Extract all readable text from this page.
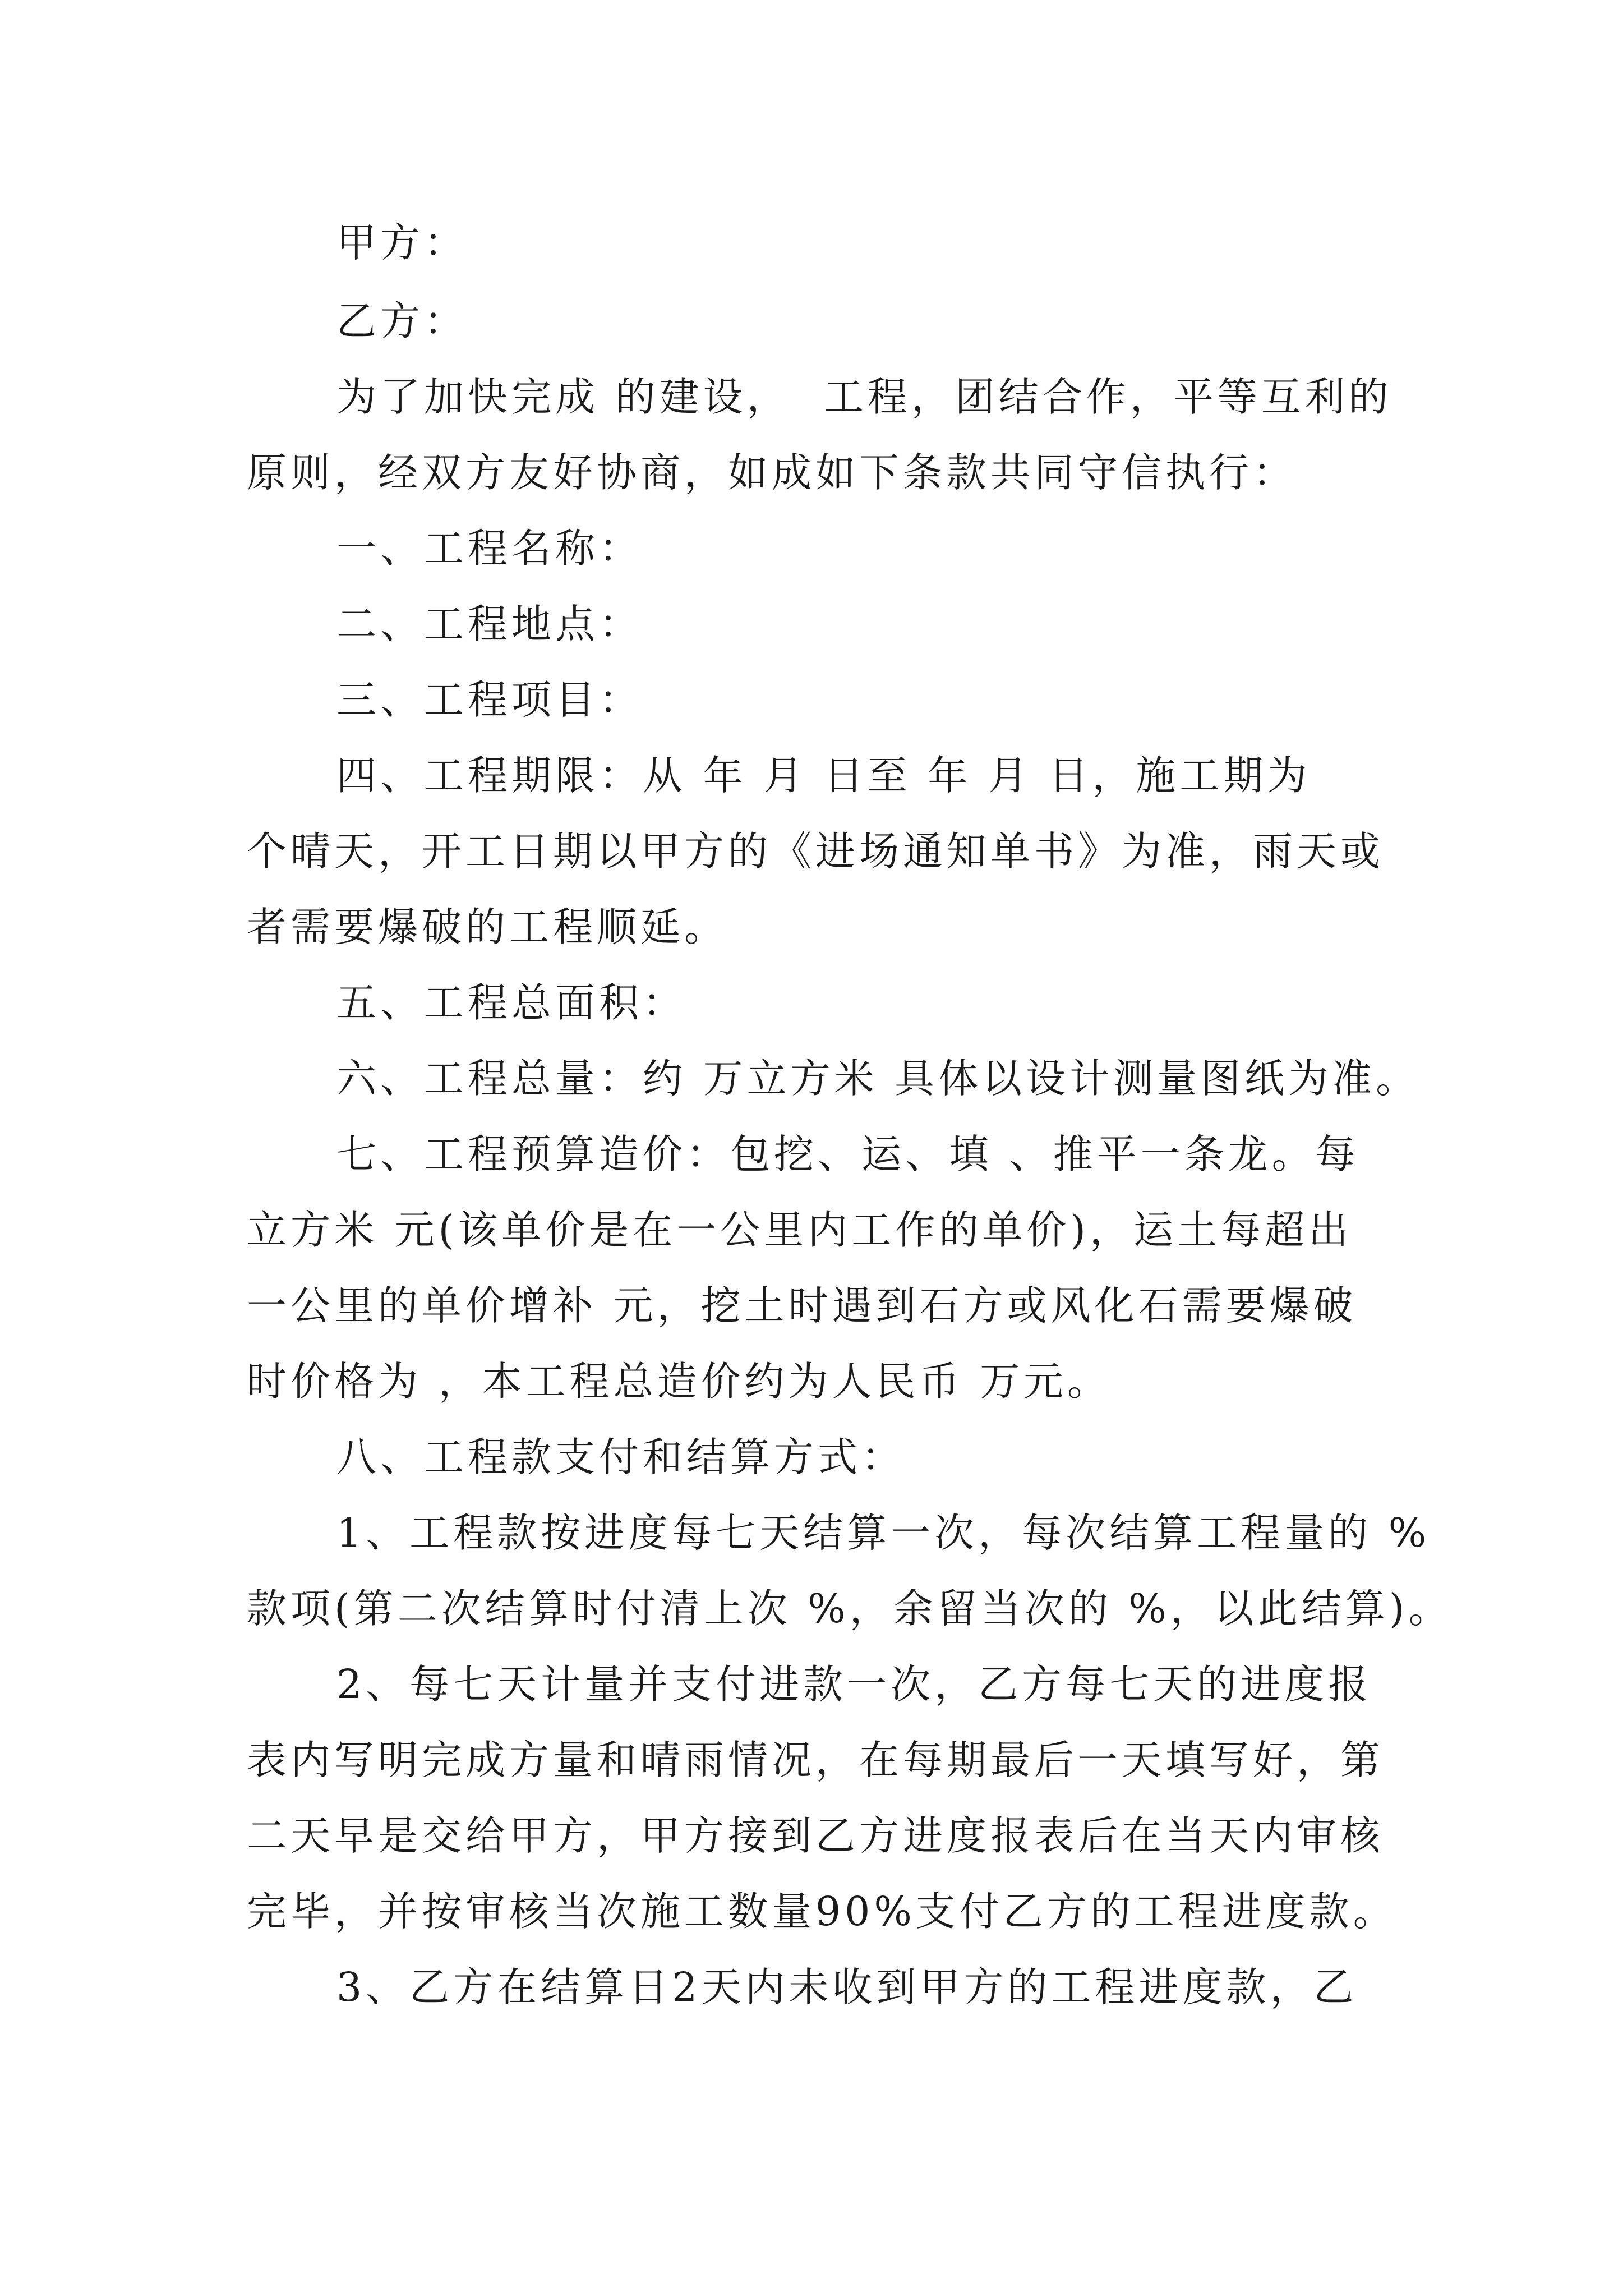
甲方：
乙方：
为了加快完成 的建设，  工程，团结合作，平等互利的
原则，经双方友好协商，如成如下条款共同守信执行：
一、工程名称：
二、工程地点：
三、工程项目：
四、工程期限：从 年 月 日至 年 月 日，施工期为
个晴天，开工日期以甲方的《进场通知单书》为准，雨天或
者需要爆破的工程顺延。
五、工程总面积：
六、工程总量：约 万立方米 具体以设计测量图纸为准。
七、工程预算造价：包挖、运、填 、推平一条龙。每
立方米 元(该单价是在一公里内工作的单价)，运土每超出
一公里的单价增补 元，挖土时遇到石方或风化石需要爆破
时价格为 ，本工程总造价约为人民币 万元。
八、工程款支付和结算方式：
1、工程款按进度每七天结算一次，每次结算工程量的 %
款项(第二次结算时付清上次 %，余留当次的 %，以此结算)。
2、每七天计量并支付进款一次，乙方每七天的进度报
表内写明完成方量和晴雨情况，在每期最后一天填写好，第
二天早是交给甲方，甲方接到乙方进度报表后在当天内审核
完毕，并按审核当次施工数量90%支付乙方的工程进度款。
3、乙方在结算日2天内未收到甲方的工程进度款，乙
